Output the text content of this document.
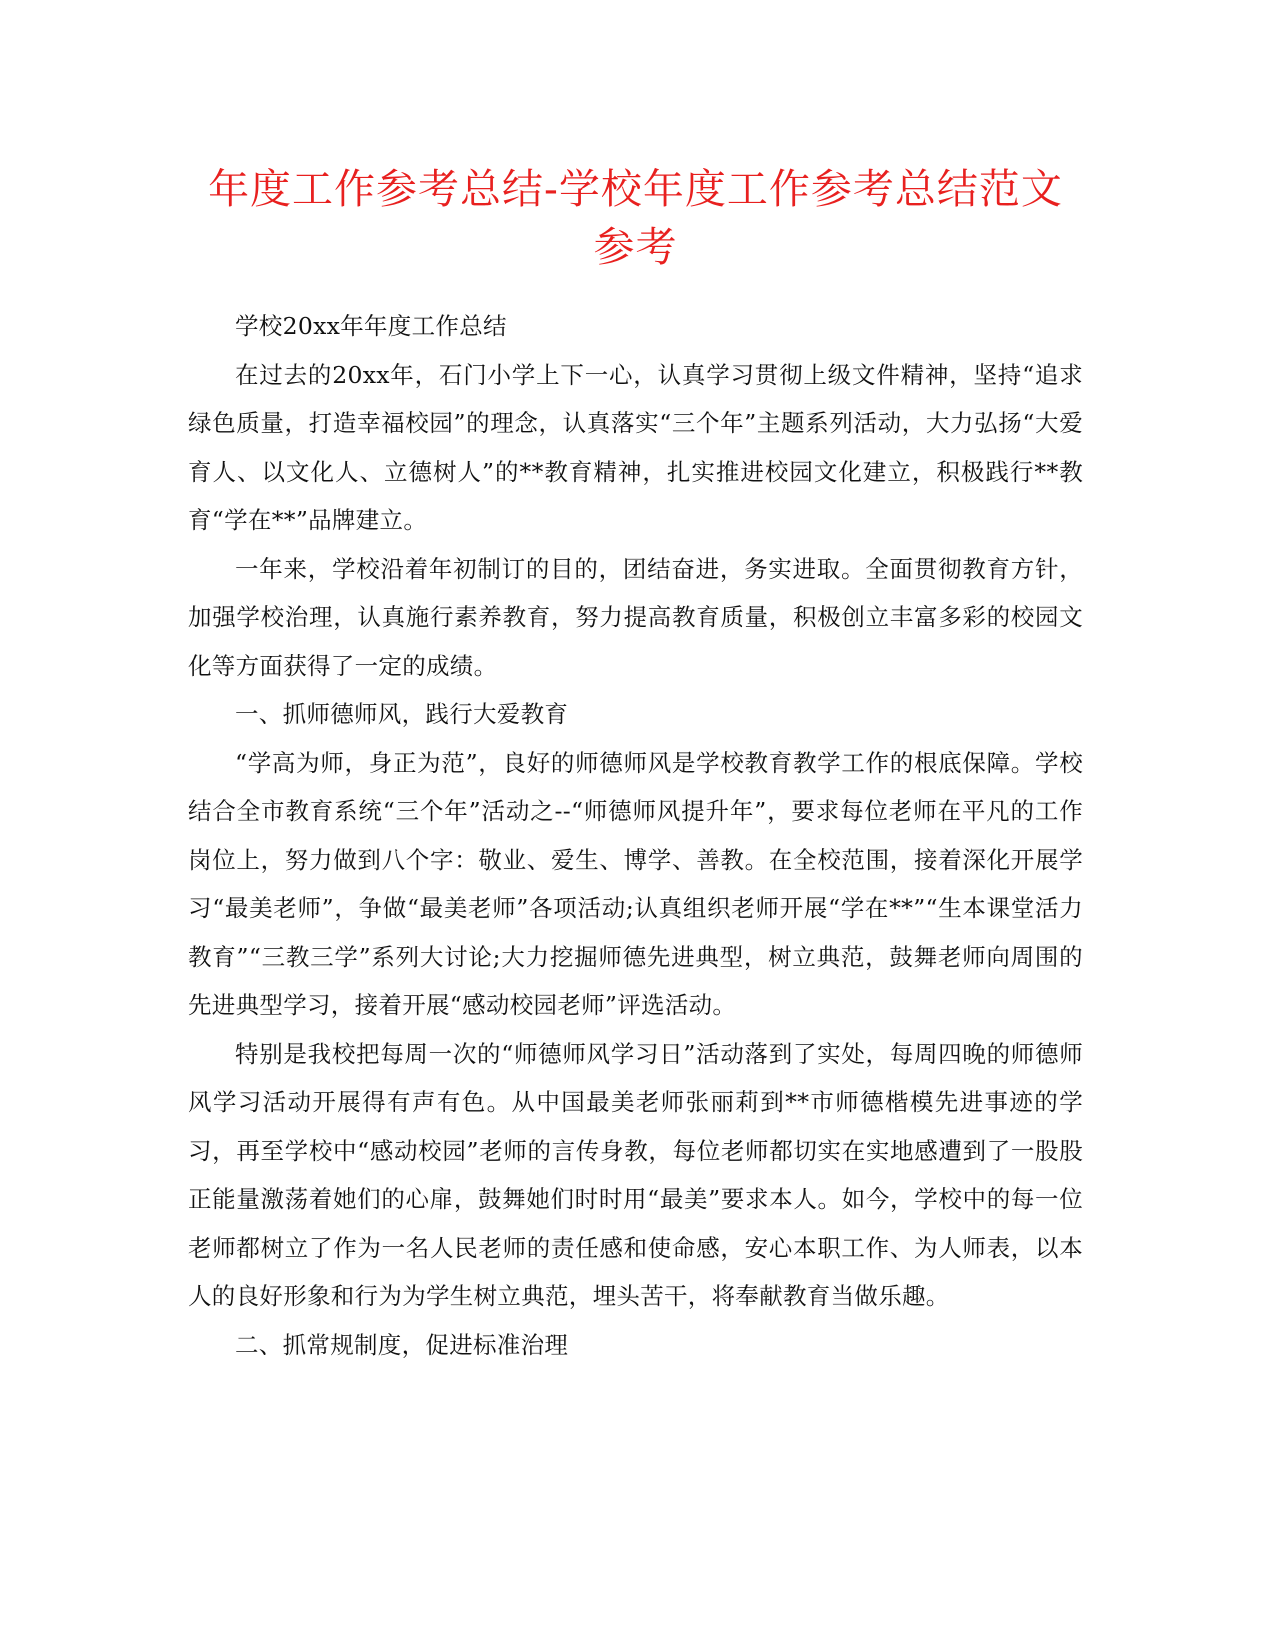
年度工作参考总结-学校年度工作参考总结范文参考

学校20xx年年度工作总结

在过去的20xx年，石门小学上下一心，认真学习贯彻上级文件精神，坚持“追求绿色质量，打造幸福校园”的理念，认真落实“三个年”主题系列活动，大力弘扬“大爱育人、以文化人、立德树人”的**教育精神，扎实推进校园文化建立，积极践行**教育“学在**”品牌建立。

一年来，学校沿着年初制订的目的，团结奋进，务实进取。全面贯彻教育方针，加强学校治理，认真施行素养教育，努力提高教育质量，积极创立丰富多彩的校园文化等方面获得了一定的成绩。

一、抓师德师风，践行大爱教育

“学高为师，身正为范”，良好的师德师风是学校教育教学工作的根底保障。学校结合全市教育系统“三个年”活动之--“师德师风提升年”，要求每位老师在平凡的工作岗位上，努力做到八个字：敬业、爱生、博学、善教。在全校范围，接着深化开展学习“最美老师”，争做“最美老师”各项活动;认真组织老师开展“学在**”“生本课堂活力教育”“三教三学”系列大讨论;大力挖掘师德先进典型，树立典范，鼓舞老师向周围的先进典型学习，接着开展“感动校园老师”评选活动。

特别是我校把每周一次的“师德师风学习日”活动落到了实处，每周四晚的师德师风学习活动开展得有声有色。从中国最美老师张丽莉到**市师德楷模先进事迹的学习，再至学校中“感动校园”老师的言传身教，每位老师都切实在实地感遭到了一股股正能量激荡着她们的心扉，鼓舞她们时时用“最美”要求本人。如今，学校中的每一位老师都树立了作为一名人民老师的责任感和使命感，安心本职工作、为人师表，以本人的良好形象和行为为学生树立典范，埋头苦干，将奉献教育当做乐趣。

二、抓常规制度，促进标准治理
